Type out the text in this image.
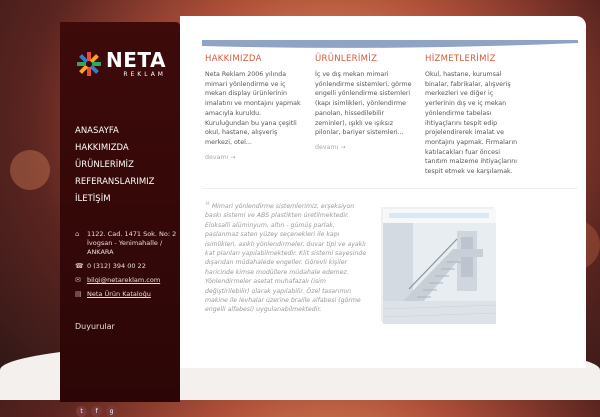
NETA
REKLAM
ANASAYFA
HAKKIMIZDA
ÜRÜNLERİMİZ
REFERANSLARIMIZ
İLETİŞİM
⌂	1122. Cad. 1471 Sok. No: 2 İvogsan - Yenimahalle / ANKARA
☎ 0 (312) 394 00 22
✉ bilgi@netareklam.com
▤ Neta Ürün Kataloğu
Duyurular
t	f	g
HAKKIMIZDA

Neta Reklam 2006 yılında mimari yönlendirme ve iç mekan display ürünlerinin imalatını ve montajını yapmak amacıyla kuruldu. Kuruluğundan bu yana çeşitli okul, hastane, alışveriş merkezi, otel...

devamı →
ÜRÜNLERİMİZ

İç ve dış mekan mimari yönlendirme sistemleri, görme engelli yönlendirme sistemleri (kapı isimlikleri, yönlendirme panoları, hissedilebilir zeminler), ışıklı ve ışıksız pilonlar, bariyer sistemleri...

devamı →
HİZMETLERİMİZ

Okul, hastane, kurumsal binalar, fabrikalar, alışveriş merkezleri ve diğer iç yerlerinin dış ve iç mekan yönlendirme tabelası ihtiyaçlarını tespit edip projelendirerek imalat ve montajını yapmak. Firmaların katılacakları fuar öncesi tanıtım malzeme ihtiyaçlarını tespit etmek ve karşılamak.

❝ Mimari yönlendirme sistemlerimiz, erşeksiyon baskı sistemi ve ABS plastikten üretilmektedir. Eloksalli alüminyum, altın - gümüş parlak, paslanmaz saten yüzey seçenekleri ile kapı isimlikleri, asıklı yönlendirmeler, duvar tipi ve ayaklı kat planları yapılabilmektedir. Klit sistemi sayesinde dışarıdan müdahalede engeller. Görevli kişiler haricinde kimse modüllere müdahale edemez. Yönlendirmeler asetat muhafazalı (isim değiştirilebilir) olarak yapılabilir. Özel tasarımın makine ile levhalar üzerine braille alfabesi (görme engelli alfabesi) uygulanabilmektedir.
